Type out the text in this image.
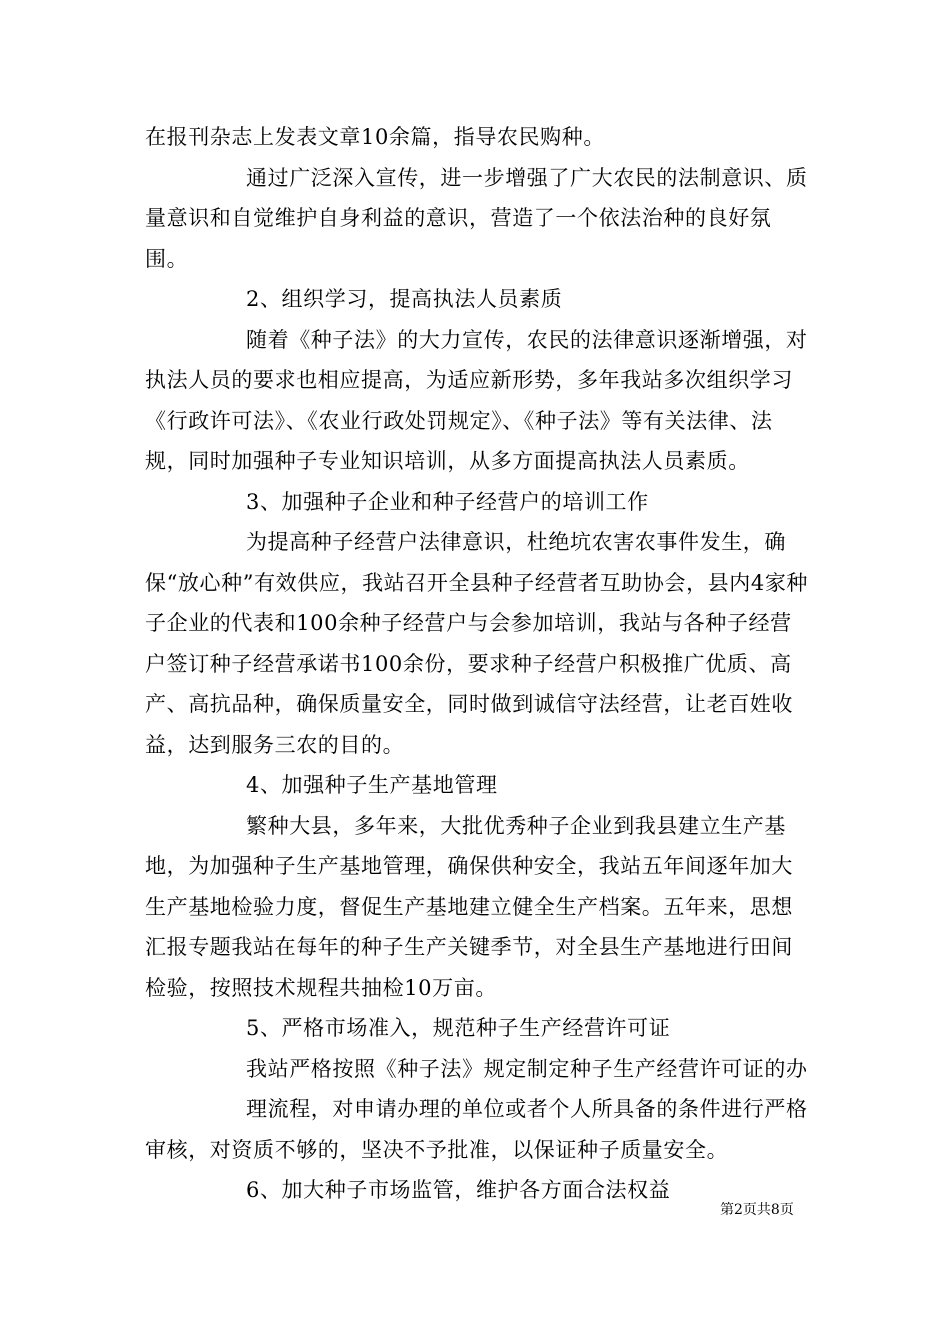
在报刊杂志上发表文章10余篇，指导农民购种。

通过广泛深入宣传，进一步增强了广大农民的法制意识、质量意识和自觉维护自身利益的意识，营造了一个依法治种的良好氛围。

2、组织学习，提高执法人员素质

随着《种子法》的大力宣传，农民的法律意识逐渐增强，对执法人员的要求也相应提高，为适应新形势，多年我站多次组织学习《行政许可法》、《农业行政处罚规定》、《种子法》等有关法律、法规，同时加强种子专业知识培训，从多方面提高执法人员素质。

3、加强种子企业和种子经营户的培训工作

为提高种子经营户法律意识，杜绝坑农害农事件发生，确保“放心种”有效供应，我站召开全县种子经营者互助协会，县内4家种子企业的代表和100余种子经营户与会参加培训，我站与各种子经营户签订种子经营承诺书100余份，要求种子经营户积极推广优质、高产、高抗品种，确保质量安全，同时做到诚信守法经营，让老百姓收益，达到服务三农的目的。

4、加强种子生产基地管理

繁种大县，多年来，大批优秀种子企业到我县建立生产基地，为加强种子生产基地管理，确保供种安全，我站五年间逐年加大生产基地检验力度，督促生产基地建立健全生产档案。五年来，思想汇报专题我站在每年的种子生产关键季节，对全县生产基地进行田间检验，按照技术规程共抽检10万亩。

5、严格市场准入，规范种子生产经营许可证

我站严格按照《种子法》规定制定种子生产经营许可证的办

理流程，对申请办理的单位或者个人所具备的条件进行严格审核，对资质不够的，坚决不予批准，以保证种子质量安全。

6、加大种子市场监管，维护各方面合法权益

第2页共8页
